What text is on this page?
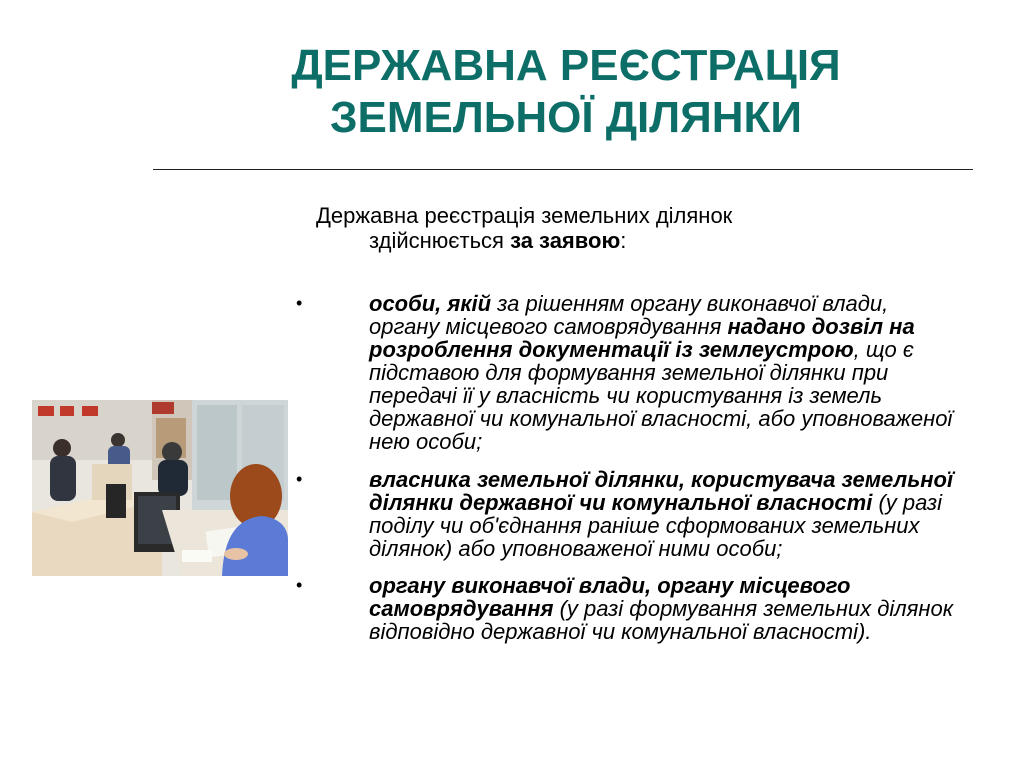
ДЕРЖАВНА РЕЄСТРАЦІЯ
ЗЕМЕЛЬНОЇ ДІЛЯНКИ
Державна реєстрація земельних ділянок
здійснюється за заявою:
•	особи, якій за рішенням органу виконавчої влади, органу місцевого самоврядування надано дозвіл на розроблення документації із землеустрою, що є підставою для формування земельної ділянки при передачі її у власність чи користування із земель державної чи комунальної власності, або уповноваженої нею особи;
•	власника земельної ділянки, користувача земельної ділянки державної чи комунальної власності (у разі поділу чи об'єднання раніше сформованих земельних ділянок) або уповноваженої ними особи;
•	органу виконавчої влади, органу місцевого самоврядування (у разі формування земельних ділянок відповідно державної чи комунальної власності).
